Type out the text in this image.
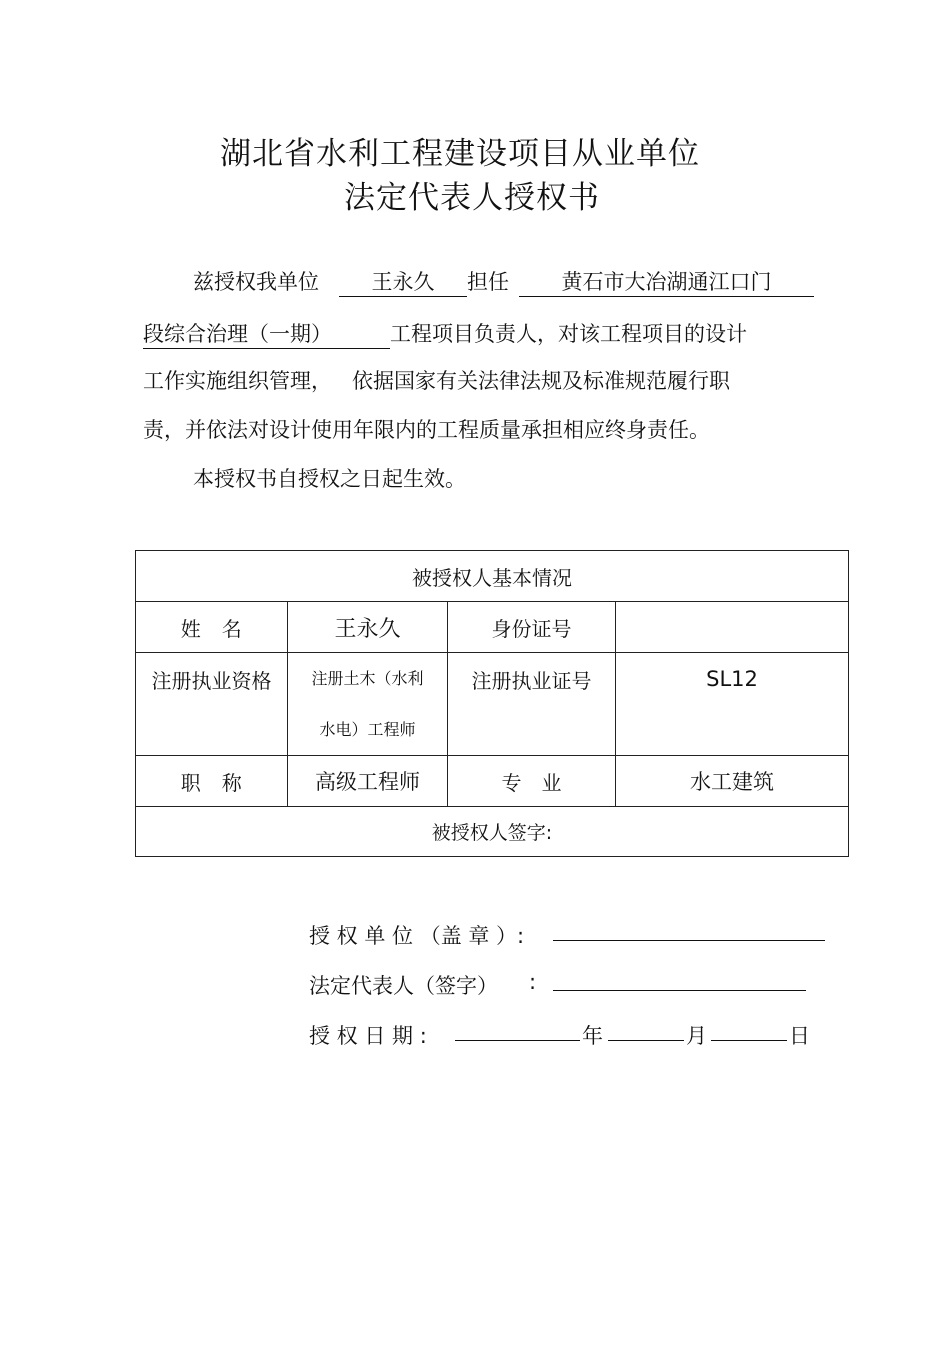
湖北省水利工程建设项目从业单位
法定代表人授权书
兹授权我单位	王永久 担任	黄石市大冶湖通江口门
段综合治理（一期）	工程项目负责人，对该工程项目的设计
工作实施组织管理， 依据国家有关法律法规及标准规范履行职
责，并依法对设计使用年限内的工程质量承担相应终身责任。
本授权书自授权之日起生效。
被授权人基本情况			
姓　名	王永久	身份证号	
注册执业资格	注册土木（水利
水电）工程师	注册执业证号	SL12
职　称	高级工程师	专　业	水工建筑
被授权人签字:			
授 权 单 位 （盖 章 ）:
法定代表人（签字） :
授 权 日 期 :	年	月	日
